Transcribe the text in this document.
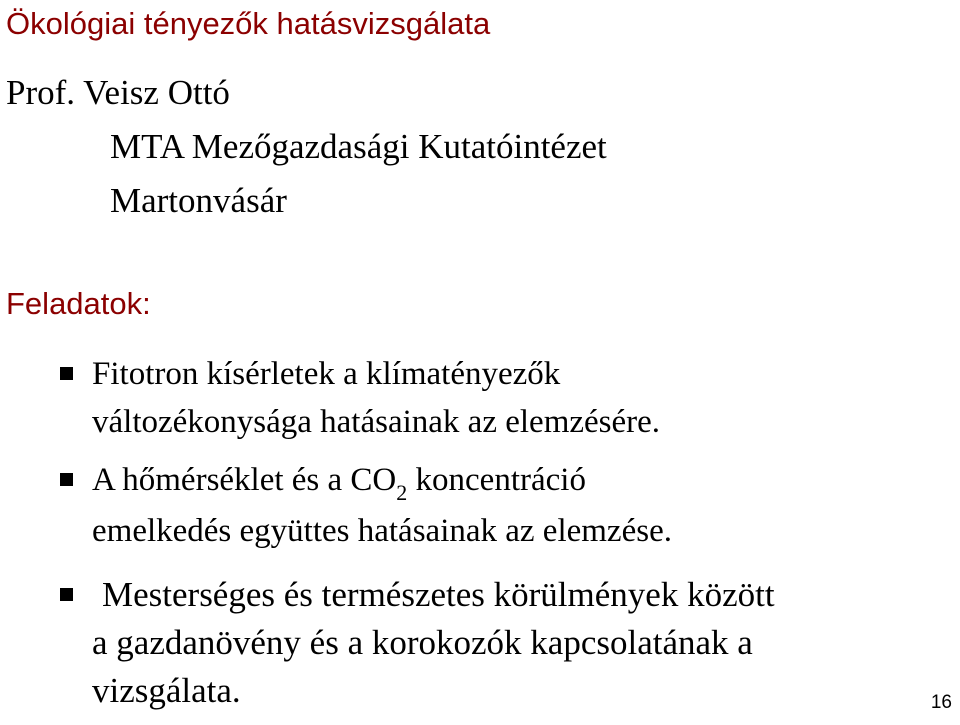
Ökológiai tényezők hatásvizsgálata
Prof. Veisz Ottó
MTA Mezőgazdasági Kutatóintézet
Martonvásár
Feladatok:
Fitotron kísérletek a klímatényezők
változékonysága hatásainak az elemzésére.
A hőmérséklet és a $CO_2$ koncentráció
emelkedés együttes hatásainak az elemzése.
Mesterséges és természetes körülmények között
a gazdanövény és a korokozók kapcsolatának a
vizsgálata.	16
